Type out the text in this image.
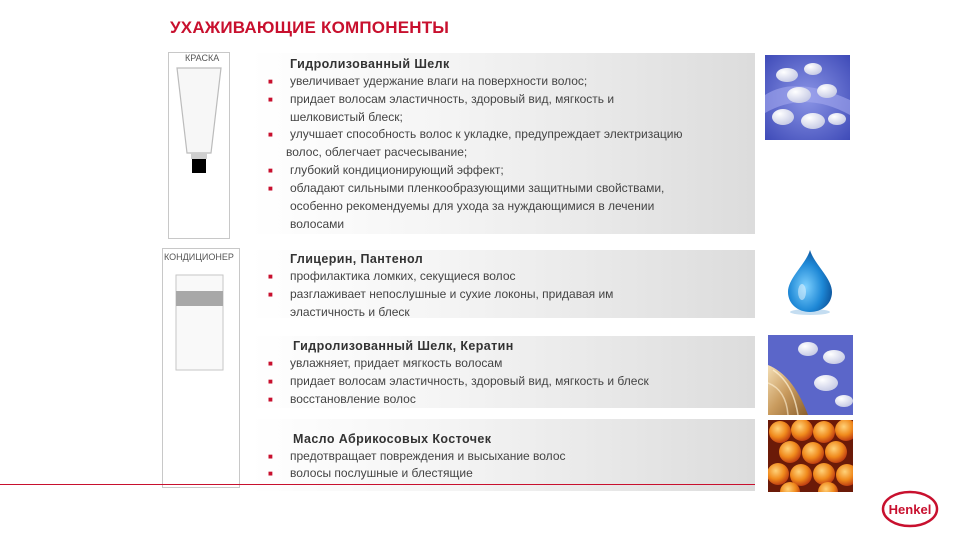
УХАЖИВАЮЩИЕ КОМПОНЕНТЫ
КРАСКА
КОНДИЦИОНЕР
Гидролизованный Шелк
■ увеличивает удержание влаги на поверхности волос;
■ придает волосам эластичность, здоровый вид, мягкость и
шелковистый блеск;
■ улучшает способность волос к укладке, предупреждает электризацию
волос, облегчает расчесывание;
■ глубокий кондиционирующий эффект;
■ обладают сильными пленкообразующими защитными свойствами,
особенно рекомендуемы для ухода за нуждающимися в лечении
волосами
Глицерин, Пантенол
■ профилактика ломких, секущиеся волос
■ разглаживает непослушные и сухие локоны, придавая им
эластичность и блеск
Гидролизованный Шелк, Кератин
■ увлажняет, придает мягкость волосам
■ придает волосам эластичность, здоровый вид, мягкость и блеск
■ восстановление волос
Масло Абрикосовых Косточек
■ предотвращает повреждения и высыхание волос
■ волосы послушные и блестящие
Henkel
